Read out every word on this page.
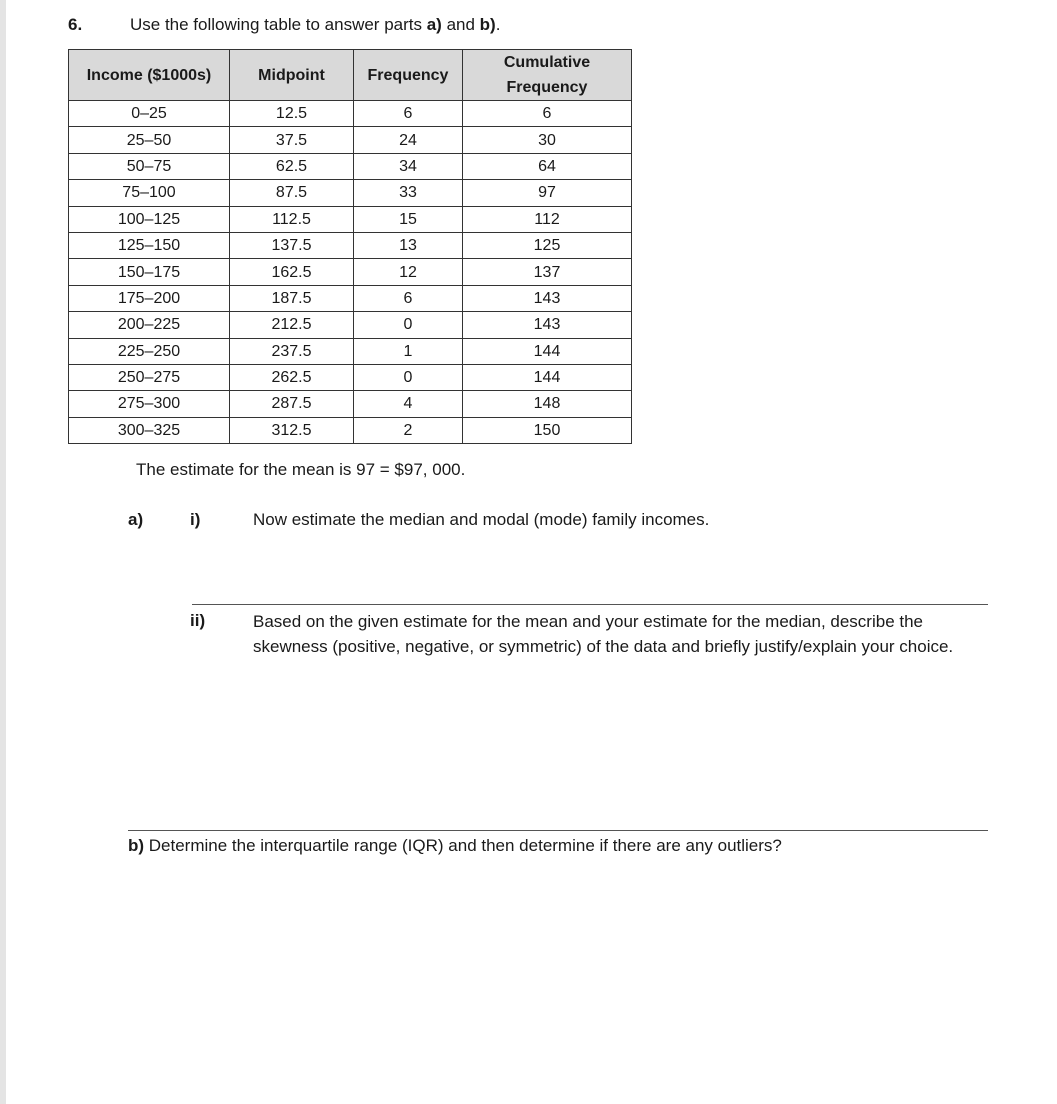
6.	Use the following table to answer parts a) and b).
Income ($1000s)	Midpoint	Frequency	Cumulative Frequency
0–25	12.5	6	6
25–50	37.5	24	30
50–75	62.5	34	64
75–100	87.5	33	97
100–125	112.5	15	112
125–150	137.5	13	125
150–175	162.5	12	137
175–200	187.5	6	143
200–225	212.5	0	143
225–250	237.5	1	144
250–275	262.5	0	144
275–300	287.5	4	148
300–325	312.5	2	150
The estimate for the mean is 97 = $97, 000.
a)	i)	Now estimate the median and modal (mode) family incomes.
ii)	Based on the given estimate for the mean and your estimate for the median, describe the skewness (positive, negative, or symmetric) of the data and briefly justify/explain your choice.
b) Determine the interquartile range (IQR) and then determine if there are any outliers?
